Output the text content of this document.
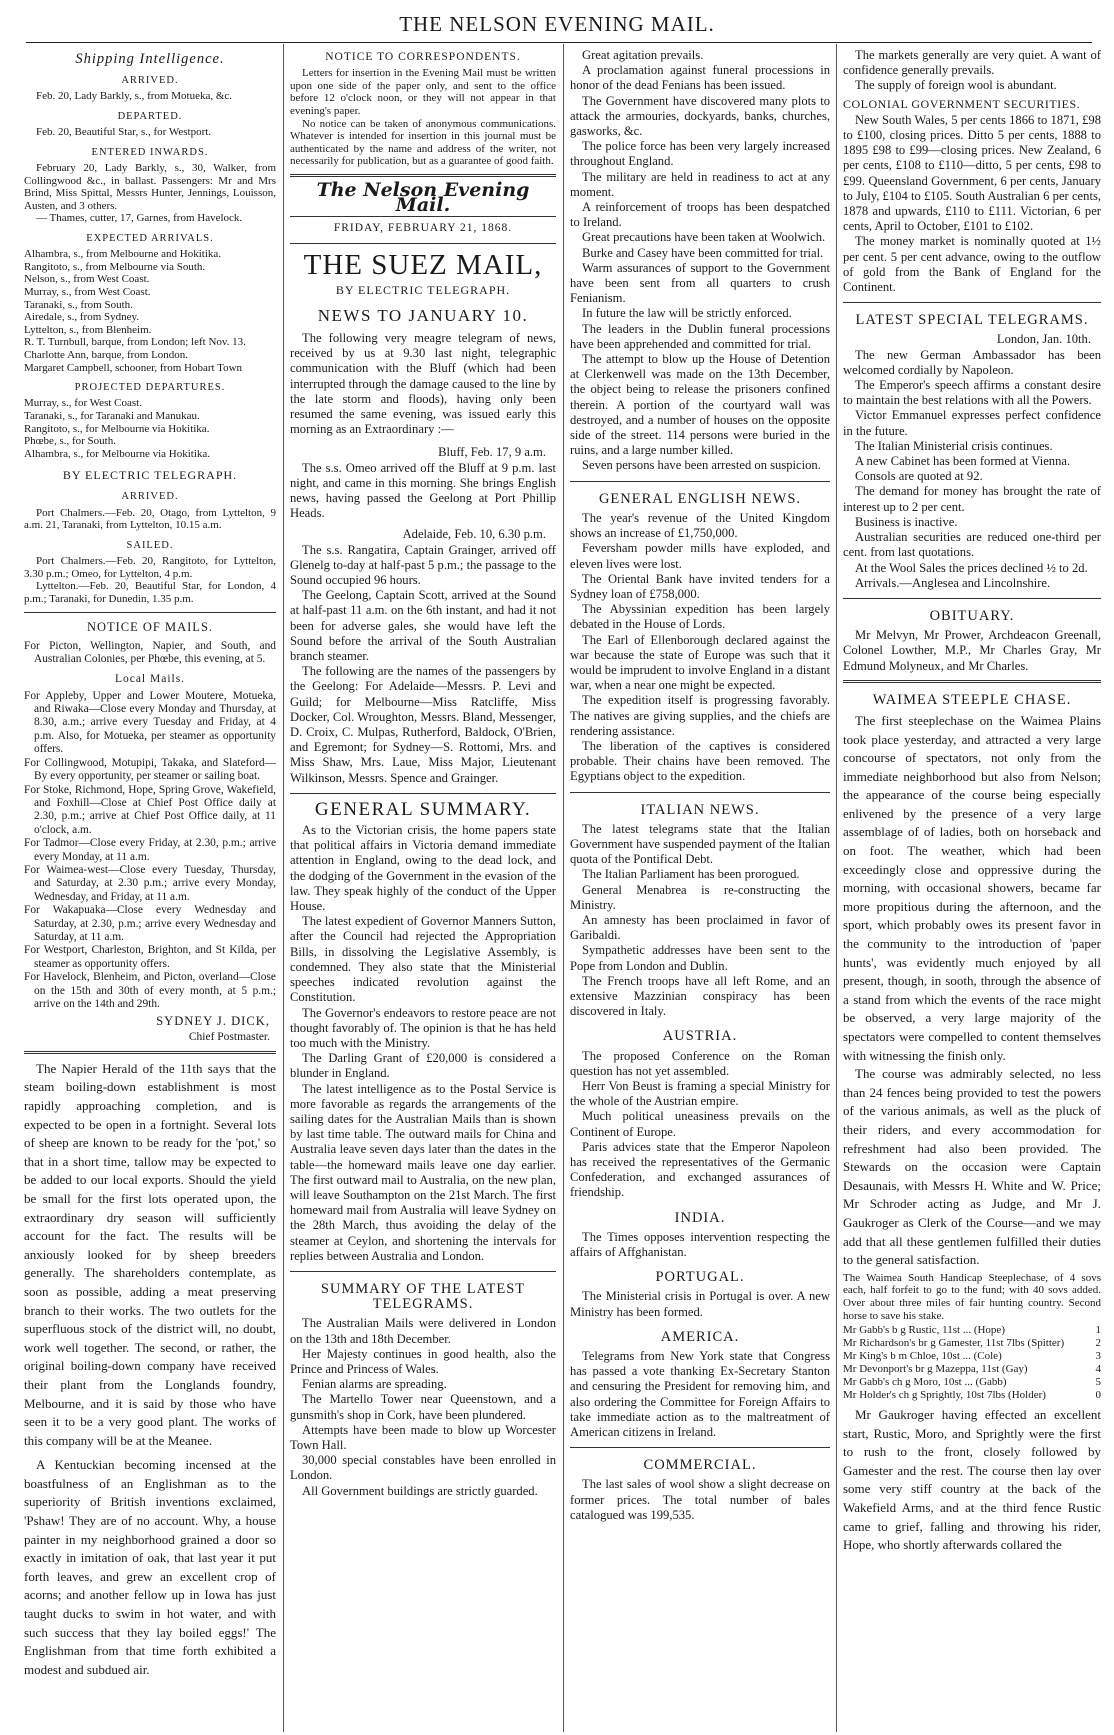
THE NELSON EVENING MAIL.
Shipping Intelligence.
ARRIVED.

Feb. 20, Lady Barkly, s., from Motueka, &c.

DEPARTED.

Feb. 20, Beautiful Star, s., for Westport.

ENTERED INWARDS.

February 20, Lady Barkly, s., 30, Walker, from Collingwood &c., in ballast. Passengers: Mr and Mrs Brind, Miss Spittal, Messrs Hunter, Jennings, Louisson, Austen, and 3 others.

— Thames, cutter, 17, Garnes, from Havelock.

EXPECTED ARRIVALS.
Alhambra, s., from Melbourne and Hokitika.
Rangitoto, s., from Melbourne via South.
Nelson, s., from West Coast.
Murray, s., from West Coast.
Taranaki, s., from South.
Airedale, s., from Sydney.
Lyttelton, s., from Blenheim.
R. T. Turnbull, barque, from London; left Nov. 13.
Charlotte Ann, barque, from London.
Margaret Campbell, schooner, from Hobart Town
PROJECTED DEPARTURES.
Murray, s., for West Coast.
Taranaki, s., for Taranaki and Manukau.
Rangitoto, s., for Melbourne via Hokitika.
Phœbe, s., for South.
Alhambra, s., for Melbourne via Hokitika.
BY ELECTRIC TELEGRAPH.
ARRIVED.

Port Chalmers.—Feb. 20, Otago, from Lyttelton, 9 a.m. 21, Taranaki, from Lyttelton, 10.15 a.m.

SAILED.

Port Chalmers.—Feb. 20, Rangitoto, for Lyttelton, 3.30 p.m.; Omeo, for Lyttelton, 4 p.m.

Lyttelton.—Feb. 20, Beautiful Star, for London, 4 p.m.; Taranaki, for Dunedin, 1.35 p.m.

NOTICE OF MAILS.

For Picton, Wellington, Napier, and South, and Australian Colonies, per Phœbe, this evening, at 5.

Local Mails.

For Appleby, Upper and Lower Moutere, Motueka, and Riwaka—Close every Monday and Thursday, at 8.30, a.m.; arrive every Tuesday and Friday, at 4 p.m. Also, for Motueka, per steamer as opportunity offers.

For Collingwood, Motupipi, Takaka, and Slateford—By every opportunity, per steamer or sailing boat.

For Stoke, Richmond, Hope, Spring Grove, Wakefield, and Foxhill—Close at Chief Post Office daily at 2.30, p.m.; arrive at Chief Post Office daily, at 11 o'clock, a.m.

For Tadmor—Close every Friday, at 2.30, p.m.; arrive every Monday, at 11 a.m.

For Waimea-west—Close every Tuesday, Thursday, and Saturday, at 2.30 p.m.; arrive every Monday, Wednesday, and Friday, at 11 a.m.

For Wakapuaka—Close every Wednesday and Saturday, at 2.30, p.m.; arrive every Wednesday and Saturday, at 11 a.m.

For Westport, Charleston, Brighton, and St Kilda, per steamer as opportunity offers.

For Havelock, Blenheim, and Picton, overland—Close on the 15th and 30th of every month, at 5 p.m.; arrive on the 14th and 29th.

SYDNEY J. DICK,
Chief Postmaster.

The Napier Herald of the 11th says that the steam boiling-down establishment is most rapidly approaching completion, and is expected to be open in a fortnight. Several lots of sheep are known to be ready for the 'pot,' so that in a short time, tallow may be expected to be added to our local exports. Should the yield be small for the first lots operated upon, the extraordinary dry season will sufficiently account for the fact. The results will be anxiously looked for by sheep breeders generally. The shareholders contemplate, as soon as possible, adding a meat preserving branch to their works. The two outlets for the superfluous stock of the district will, no doubt, work well together. The second, or rather, the original boiling-down company have received their plant from the Longlands foundry, Melbourne, and it is said by those who have seen it to be a very good plant. The works of this company will be at the Meanee.

A Kentuckian becoming incensed at the boastfulness of an Englishman as to the superiority of British inventions exclaimed, 'Pshaw! They are of no account. Why, a house painter in my neighborhood grained a door so exactly in imitation of oak, that last year it put forth leaves, and grew an excellent crop of acorns; and another fellow up in Iowa has just taught ducks to swim in hot water, and with such success that they lay boiled eggs!' The Englishman from that time forth exhibited a modest and subdued air.

NOTICE TO CORRESPONDENTS.

Letters for insertion in the Evening Mail must be written upon one side of the paper only, and sent to the office before 12 o'clock noon, or they will not appear in that evening's paper.

No notice can be taken of anonymous communications. Whatever is intended for insertion in this journal must be authenticated by the name and address of the writer, not necessarily for publication, but as a guarantee of good faith.

The Nelson Evening Mail.
FRIDAY, FEBRUARY 21, 1868.
THE SUEZ MAIL,
BY ELECTRIC TELEGRAPH.
NEWS TO JANUARY 10.

The following very meagre telegram of news, received by us at 9.30 last night, telegraphic communication with the Bluff (which had been interrupted through the damage caused to the line by the late storm and floods), having only been resumed the same evening, was issued early this morning as an Extraordinary :—

Bluff, Feb. 17, 9 a.m.

The s.s. Omeo arrived off the Bluff at 9 p.m. last night, and came in this morning. She brings English news, having passed the Geelong at Port Phillip Heads.

Adelaide, Feb. 10, 6.30 p.m.

The s.s. Rangatira, Captain Grainger, arrived off Glenelg to-day at half-past 5 p.m.; the passage to the Sound occupied 96 hours.

The Geelong, Captain Scott, arrived at the Sound at half-past 11 a.m. on the 6th instant, and had it not been for adverse gales, she would have left the Sound before the arrival of the South Australian branch steamer.

The following are the names of the passengers by the Geelong: For Adelaide—Messrs. P. Levi and Guild; for Melbourne—Miss Ratcliffe, Miss Docker, Col. Wroughton, Messrs. Bland, Messenger, D. Croix, C. Mulpas, Rutherford, Baldock, O'Brien, and Egremont; for Sydney—S. Rottomi, Mrs. and Miss Shaw, Mrs. Laue, Miss Major, Lieutenant Wilkinson, Messrs. Spence and Grainger.

GENERAL SUMMARY.

As to the Victorian crisis, the home papers state that political affairs in Victoria demand immediate attention in England, owing to the dead lock, and the dodging of the Government in the evasion of the law. They speak highly of the conduct of the Upper House.

The latest expedient of Governor Manners Sutton, after the Council had rejected the Appropriation Bills, in dissolving the Legislative Assembly, is condemned. They also state that the Ministerial speeches indicated revolution against the Constitution.

The Governor's endeavors to restore peace are not thought favorably of. The opinion is that he has held too much with the Ministry.

The Darling Grant of £20,000 is considered a blunder in England.

The latest intelligence as to the Postal Service is more favorable as regards the arrangements of the sailing dates for the Australian Mails than is shown by last time table. The outward mails for China and Australia leave seven days later than the dates in the table—the homeward mails leave one day earlier. The first outward mail to Australia, on the new plan, will leave Southampton on the 21st March. The first homeward mail from Australia will leave Sydney on the 28th March, thus avoiding the delay of the steamer at Ceylon, and shortening the intervals for replies between Australia and London.

SUMMARY OF THE LATEST TELEGRAMS.

The Australian Mails were delivered in London on the 13th and 18th December.

Her Majesty continues in good health, also the Prince and Princess of Wales.

Fenian alarms are spreading.

The Martello Tower near Queenstown, and a gunsmith's shop in Cork, have been plundered.

Attempts have been made to blow up Worcester Town Hall.

30,000 special constables have been enrolled in London.

All Government buildings are strictly guarded.

Great agitation prevails.

A proclamation against funeral processions in honor of the dead Fenians has been issued.

The Government have discovered many plots to attack the armouries, dockyards, banks, churches, gasworks, &c.

The police force has been very largely increased throughout England.

The military are held in readiness to act at any moment.

A reinforcement of troops has been despatched to Ireland.

Great precautions have been taken at Woolwich.

Burke and Casey have been committed for trial.

Warm assurances of support to the Government have been sent from all quarters to crush Fenianism.

In future the law will be strictly enforced.

The leaders in the Dublin funeral processions have been apprehended and committed for trial.

The attempt to blow up the House of Detention at Clerkenwell was made on the 13th December, the object being to release the prisoners confined therein. A portion of the courtyard wall was destroyed, and a number of houses on the opposite side of the street. 114 persons were buried in the ruins, and a large number killed.

Seven persons have been arrested on suspicion.

GENERAL ENGLISH NEWS.

The year's revenue of the United Kingdom shows an increase of £1,750,000.

Feversham powder mills have exploded, and eleven lives were lost.

The Oriental Bank have invited tenders for a Sydney loan of £758,000.

The Abyssinian expedition has been largely debated in the House of Lords.

The Earl of Ellenborough declared against the war because the state of Europe was such that it would be imprudent to involve England in a distant war, when a near one might be expected.

The expedition itself is progressing favorably. The natives are giving supplies, and the chiefs are rendering assistance.

The liberation of the captives is considered probable. Their chains have been removed. The Egyptians object to the expedition.

ITALIAN NEWS.

The latest telegrams state that the Italian Government have suspended payment of the Italian quota of the Pontifical Debt.

The Italian Parliament has been prorogued.

General Menabrea is re-constructing the Ministry.

An amnesty has been proclaimed in favor of Garibaldi.

Sympathetic addresses have been sent to the Pope from London and Dublin.

The French troops have all left Rome, and an extensive Mazzinian conspiracy has been discovered in Italy.

AUSTRIA.

The proposed Conference on the Roman question has not yet assembled.

Herr Von Beust is framing a special Ministry for the whole of the Austrian empire.

Much political uneasiness prevails on the Continent of Europe.

Paris advices state that the Emperor Napoleon has received the representatives of the Germanic Confederation, and exchanged assurances of friendship.

INDIA.

The Times opposes intervention respecting the affairs of Affghanistan.

PORTUGAL.

The Ministerial crisis in Portugal is over. A new Ministry has been formed.

AMERICA.

Telegrams from New York state that Congress has passed a vote thanking Ex-Secretary Stanton and censuring the President for removing him, and also ordering the Committee for Foreign Affairs to take immediate action as to the maltreatment of American citizens in Ireland.

COMMERCIAL.

The last sales of wool show a slight decrease on former prices. The total number of bales catalogued was 199,535.

The markets generally are very quiet. A want of confidence generally prevails.

The supply of foreign wool is abundant.

COLONIAL GOVERNMENT SECURITIES.

New South Wales, 5 per cents 1866 to 1871, £98 to £100, closing prices. Ditto 5 per cents, 1888 to 1895 £98 to £99—closing prices. New Zealand, 6 per cents, £108 to £110—ditto, 5 per cents, £98 to £99. Queensland Government, 6 per cents, January to July, £104 to £105. South Australian 6 per cents, 1878 and upwards, £110 to £111. Victorian, 6 per cents, April to October, £101 to £102.

The money market is nominally quoted at 1½ per cent. 5 per cent advance, owing to the outflow of gold from the Bank of England for the Continent.

LATEST SPECIAL TELEGRAMS.
London, Jan. 10th.

The new German Ambassador has been welcomed cordially by Napoleon.

The Emperor's speech affirms a constant desire to maintain the best relations with all the Powers.

Victor Emmanuel expresses perfect confidence in the future.

The Italian Ministerial crisis continues.

A new Cabinet has been formed at Vienna.

Consols are quoted at 92.

The demand for money has brought the rate of interest up to 2 per cent.

Business is inactive.

Australian securities are reduced one-third per cent. from last quotations.

At the Wool Sales the prices declined ½ to 2d.

Arrivals.—Anglesea and Lincolnshire.

OBITUARY.

Mr Melvyn, Mr Prower, Archdeacon Greenall, Colonel Lowther, M.P., Mr Charles Gray, Mr Edmund Molyneux, and Mr Charles.

WAIMEA STEEPLE CHASE.

The first steeplechase on the Waimea Plains took place yesterday, and attracted a very large concourse of spectators, not only from the immediate neighborhood but also from Nelson; the appearance of the course being especially enlivened by the presence of a very large assemblage of of ladies, both on horseback and on foot. The weather, which had been exceedingly close and oppressive during the morning, with occasional showers, became far more propitious during the afternoon, and the sport, which probably owes its present favor in the community to the introduction of 'paper hunts', was evidently much enjoyed by all present, though, in sooth, through the absence of a stand from which the events of the race might be observed, a very large majority of the spectators were compelled to content themselves with witnessing the finish only.

The course was admirably selected, no less than 24 fences being provided to test the powers of the various animals, as well as the pluck of their riders, and every accommodation for refreshment had also been provided. The Stewards on the occasion were Captain Desaunais, with Messrs H. White and W. Price; Mr Schroder acting as Judge, and Mr J. Gaukroger as Clerk of the Course—and we may add that all these gentlemen fulfilled their duties to the general satisfaction.

The Waimea South Handicap Steeplechase, of 4 sovs each, half forfeit to go to the fund; with 40 sovs added. Over about three miles of fair hunting country. Second horse to save his stake.

Mr Gabb's b g Rustic, 11st ... (Hope)	1
Mr Richardson's br g Gamester, 11st 7lbs (Spitter)	2
Mr King's b m Chloe, 10st ... (Cole)	3
Mr Devonport's br g Mazeppa, 11st (Gay)	4
Mr Gabb's ch g Moro, 10st ... (Gabb)	5
Mr Holder's ch g Sprightly, 10st 7lbs (Holder)	0

Mr Gaukroger having effected an excellent start, Rustic, Moro, and Sprightly were the first to rush to the front, closely followed by Gamester and the rest. The course then lay over some very stiff country at the back of the Wakefield Arms, and at the third fence Rustic came to grief, falling and throwing his rider, Hope, who shortly afterwards collared the
